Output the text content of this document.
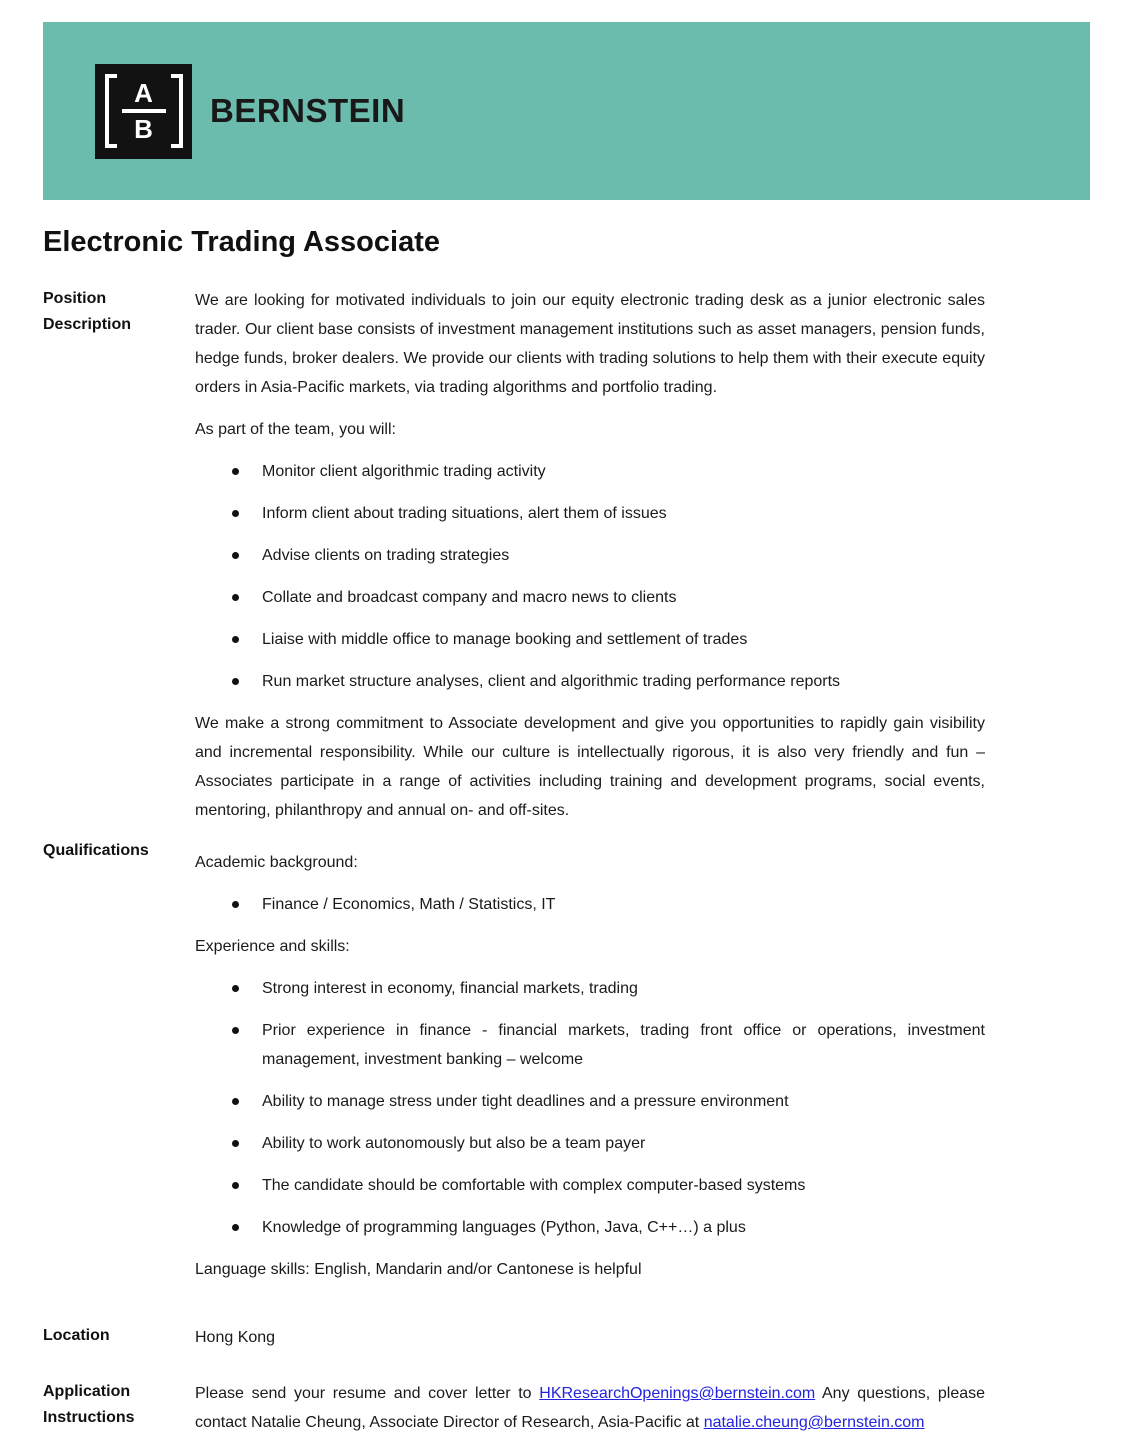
A
B BERNSTEIN
Electronic Trading Associate
Position
Description

We are looking for motivated individuals to join our equity electronic trading desk as a junior electronic sales trader. Our client base consists of investment management institutions such as asset managers, pension funds, hedge funds, broker dealers. We provide our clients with trading solutions to help them with their execute equity orders in Asia-Pacific markets, via trading algorithms and portfolio trading.

As part of the team, you will:

Monitor client algorithmic trading activity
Inform client about trading situations, alert them of issues
Advise clients on trading strategies
Collate and broadcast company and macro news to clients
Liaise with middle office to manage booking and settlement of trades
Run market structure analyses, client and algorithmic trading performance reports

We make a strong commitment to Associate development and give you opportunities to rapidly gain visibility and incremental responsibility. While our culture is intellectually rigorous, it is also very friendly and fun – Associates participate in a range of activities including training and development programs, social events, mentoring, philanthropy and annual on- and off-sites.

Qualifications

Academic background:

Finance / Economics, Math / Statistics, IT

Experience and skills:

Strong interest in economy, financial markets, trading
Prior experience in finance - financial markets, trading front office or operations, investment management, investment banking – welcome
Ability to manage stress under tight deadlines and a pressure environment
Ability to work autonomously but also be a team payer
The candidate should be comfortable with complex computer-based systems
Knowledge of programming languages (Python, Java, C++…) a plus

Language skills: English, Mandarin and/or Cantonese is helpful

Location	Hong Kong

Application
Instructions

Please send your resume and cover letter to HKResearchOpenings@bernstein.com Any questions, please contact Natalie Cheung, Associate Director of Research, Asia-Pacific at natalie.cheung@bernstein.com
